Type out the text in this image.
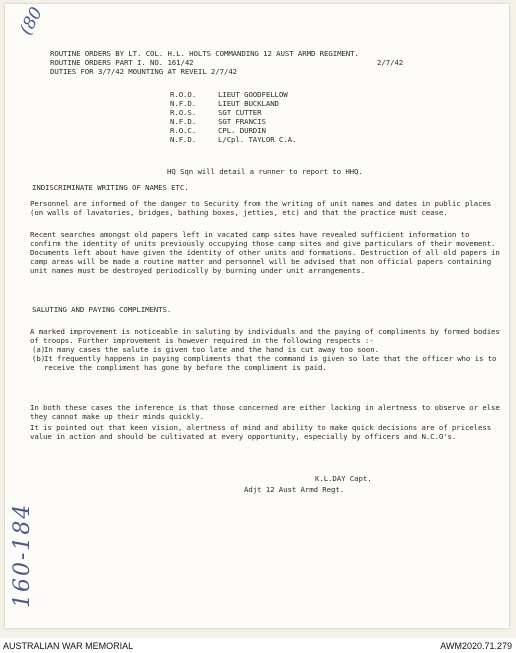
(80
160-184
ROUTINE ORDERS BY LT. COL. H.L. HOLTS COMMANDING 12 AUST ARMD REGIMENT.
ROUTINE ORDERS PART I. NO. 161/42	2/7/42
DUTIES FOR 3/7/42 MOUNTING AT REVEIL 2/7/42
R.O.O.	LIEUT GOODFELLOW
N.F.D.	LIEUT BUCKLAND
R.O.S.	SGT CUTTER
N.F.D.	SGT FRANCIS
R.O.C.	CPL. DURDIN
N.F.D.	L/Cpl. TAYLOR C.A.
HQ Sqn will detail a runner to report to HHQ.
INDISCRIMINATE WRITING OF NAMES ETC.
Personnel are informed of the danger to Security from the writing of unit names and dates in public places (on walls of lavatories, bridges, bathing boxes, jetties, etc) and that the practice must cease.
Recent searches amongst old papers left in vacated camp sites have revealed sufficient information to confirm the identity of units previously occupying those camp sites and give particulars of their movement. Documents left about have given the identity of other units and formations. Destruction of all old papers in camp areas will be made a routine matter and personnel will be advised that non official papers containing unit names must be destroyed periodically by burning under unit arrangements.
SALUTING AND PAYING COMPLIMENTS.
A marked improvement is noticeable in saluting by individuals and the paying of compliments by formed bodies of troops. Further improvement is however required in the following respects :-
(a)
In many cases the salute is given too late and the hand is cut away too soon.
(b)
It frequently happens in paying compliments that the command is given so late that the officer who is to receive the compliment has gone by before the compliment is paid.
In both these cases the inference is that those concerned are either lacking in alertness to observe or else they cannot make up their minds quickly.
It is pointed out that keen vision, alertness of mind and ability to make quick decisions are of priceless value in action and should be cultivated at every opportunity, especially by officers and N.C.O's.
K.L.DAY Capt.
Adjt 12 Aust Armd Regt.
AUSTRALIAN WAR MEMORIAL	AWM2020.71.279
